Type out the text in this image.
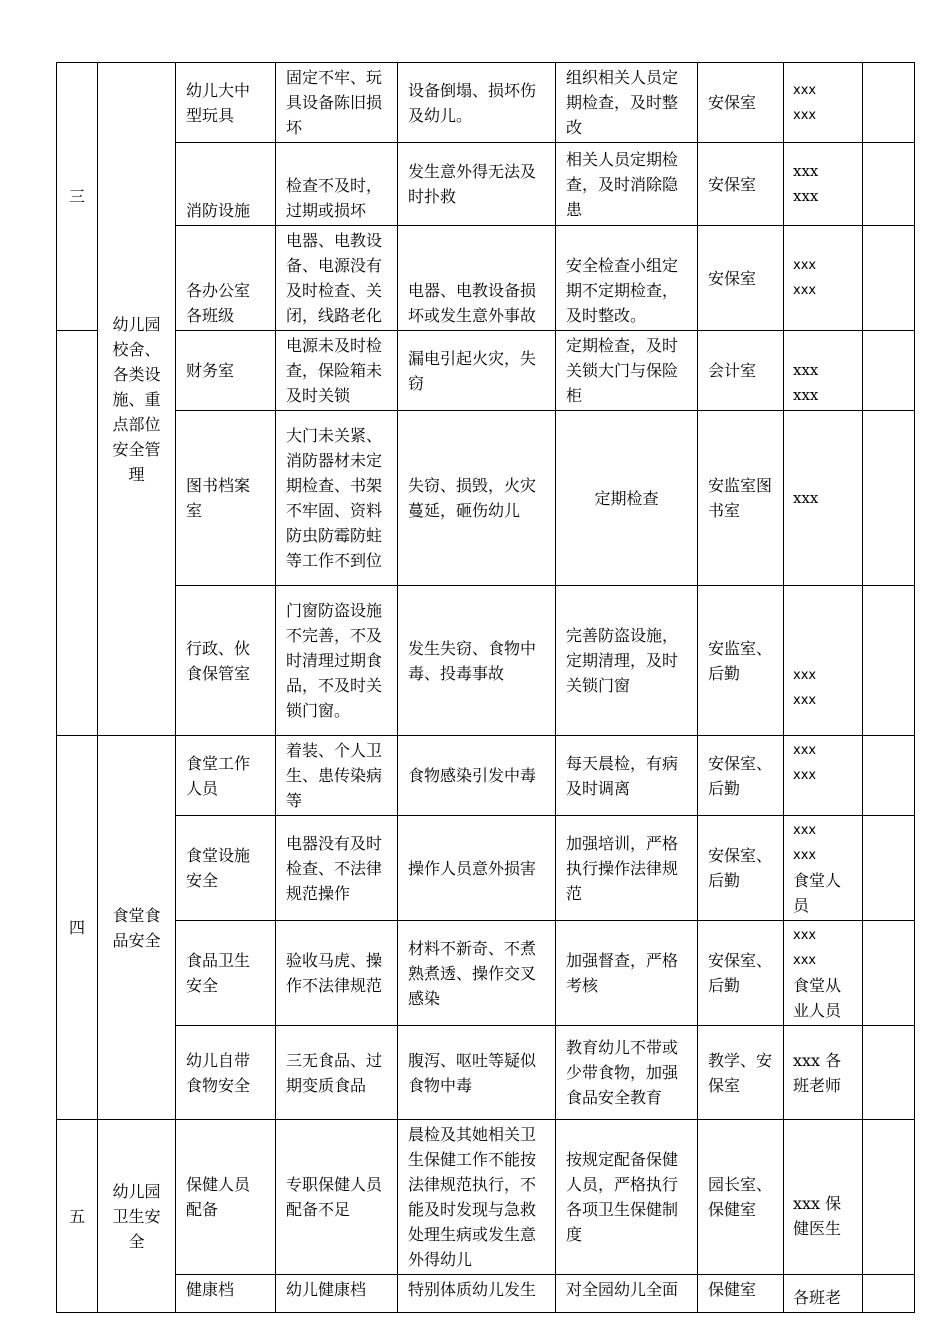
三	幼儿园校舍、各类设施、重点部位安全管理	幼儿大中型玩具	固定不牢、玩具设备陈旧损坏	设备倒塌、损坏伤及幼儿。	组织相关人员定期检查，及时整改	安保室	xxx
xxx	

		消防设施	检查不及时，过期或损坏	发生意外得无法及时扑救	相关人员定期检查，及时消除隐患	安保室	xxx
xxx	

		各办公室各班级	电器、电教设备、电源没有及时检查、关闭，线路老化	电器、电教设备损坏或发生意外事故	安全检查小组定期不定期检查，及时整改。	安保室	xxx
xxx	

		财务室	电源未及时检查，保险箱未及时关锁	漏电引起火灾，失窃	定期检查，及时关锁大门与保险柜	会计室	xxx
xxx	

		图书档案室	大门未关紧、消防器材未定期检查、书架不牢固、资料防虫防霉防蛀等工作不到位	失窃、损毁，火灾蔓延，砸伤幼儿	定期检查	安监室图书室	xxx	

		行政、伙食保管室	门窗防盗设施不完善，不及时清理过期食品，不及时关锁门窗。	发生失窃、食物中毒、投毒事故	完善防盗设施，定期清理，及时关锁门窗	安监室、后勤	xxx
xxx	

四	食堂食品安全	食堂工作人员	着装、个人卫生、患传染病等	食物感染引发中毒	每天晨检，有病及时调离	安保室、后勤	xxx
xxx	

		食堂设施安全	电器没有及时检查、不法律规范操作	操作人员意外损害	加强培训，严格执行操作法律规范	安保室、后勤	xxx
xxx
食堂人员	

		食品卫生安全	验收马虎、操作不法律规范	材料不新奇、不煮熟煮透、操作交叉感染	加强督查，严格考核	安保室、后勤	xxx
xxx
食堂从业人员	

		幼儿自带食物安全	三无食品、过期变质食品	腹泻、呕吐等疑似食物中毒	教育幼儿不带或少带食物，加强食品安全教育	教学、安保室	xxx 各班老师	

五	幼儿园卫生安全	保健人员配备	专职保健人员配备不足	晨检及其她相关卫生保健工作不能按法律规范执行，不能及时发现与急救处理生病或发生意外得幼儿	按规定配备保健人员，严格执行各项卫生保健制度	园长室、保健室	xxx 保健医生	

		健康档	幼儿健康档	特别体质幼儿发生	对全园幼儿全面	保健室	各班老	
